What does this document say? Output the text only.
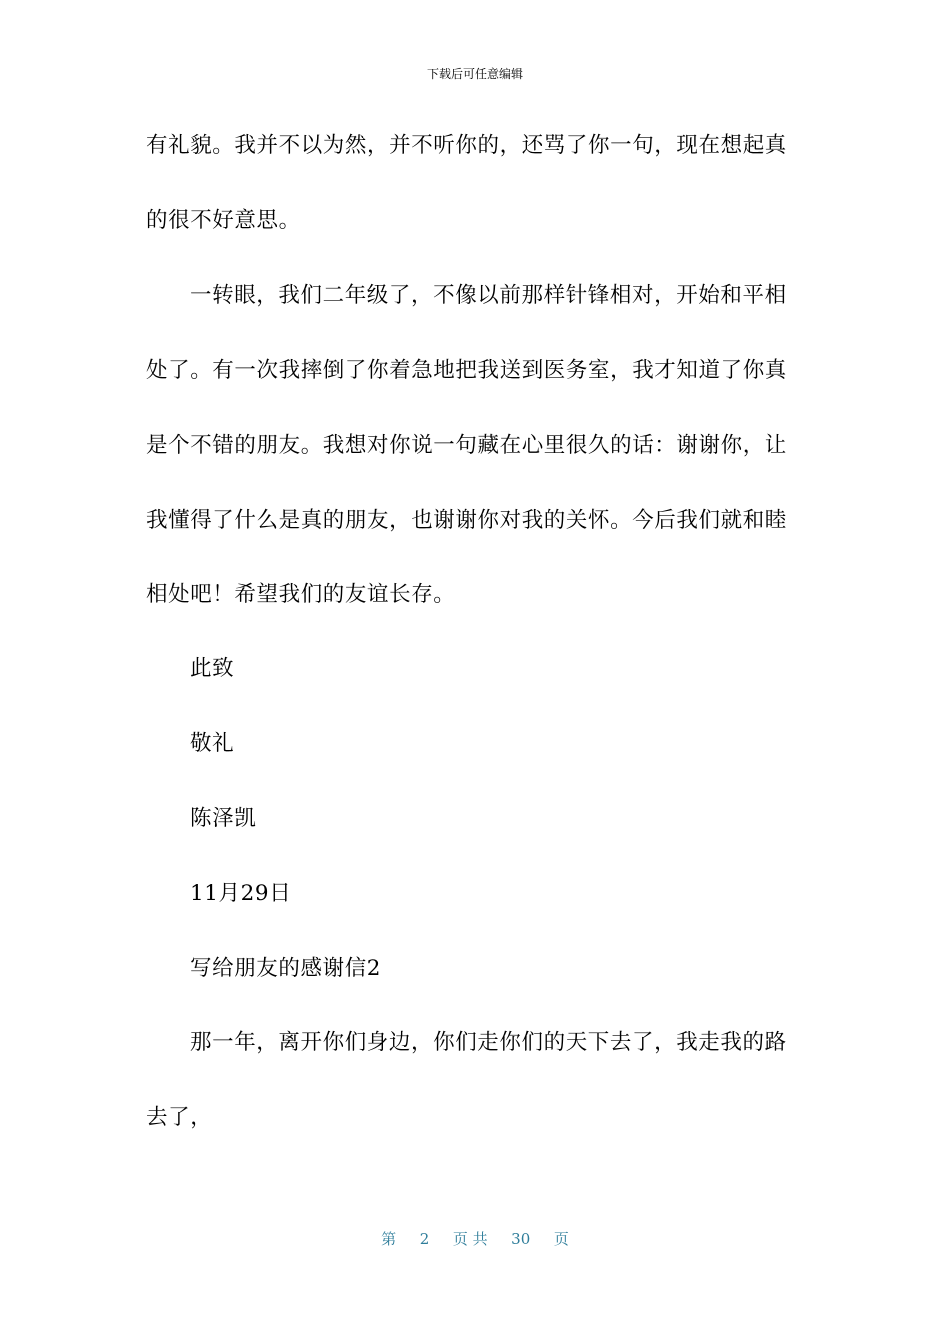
下载后可任意编辑
有礼貌。我并不以为然，并不听你的，还骂了你一句，现在想起真
的很不好意思。
一转眼，我们二年级了，不像以前那样针锋相对，开始和平相
处了。有一次我摔倒了你着急地把我送到医务室，我才知道了你真
是个不错的朋友。我想对你说一句藏在心里很久的话：谢谢你，让
我懂得了什么是真的朋友，也谢谢你对我的关怀。今后我们就和睦
相处吧！希望我们的友谊长存。
此致
敬礼
陈泽凯
11月29日
写给朋友的感谢信2
那一年，离开你们身边，你们走你们的天下去了，我走我的路
去了，
第 2 页 共 30 页
